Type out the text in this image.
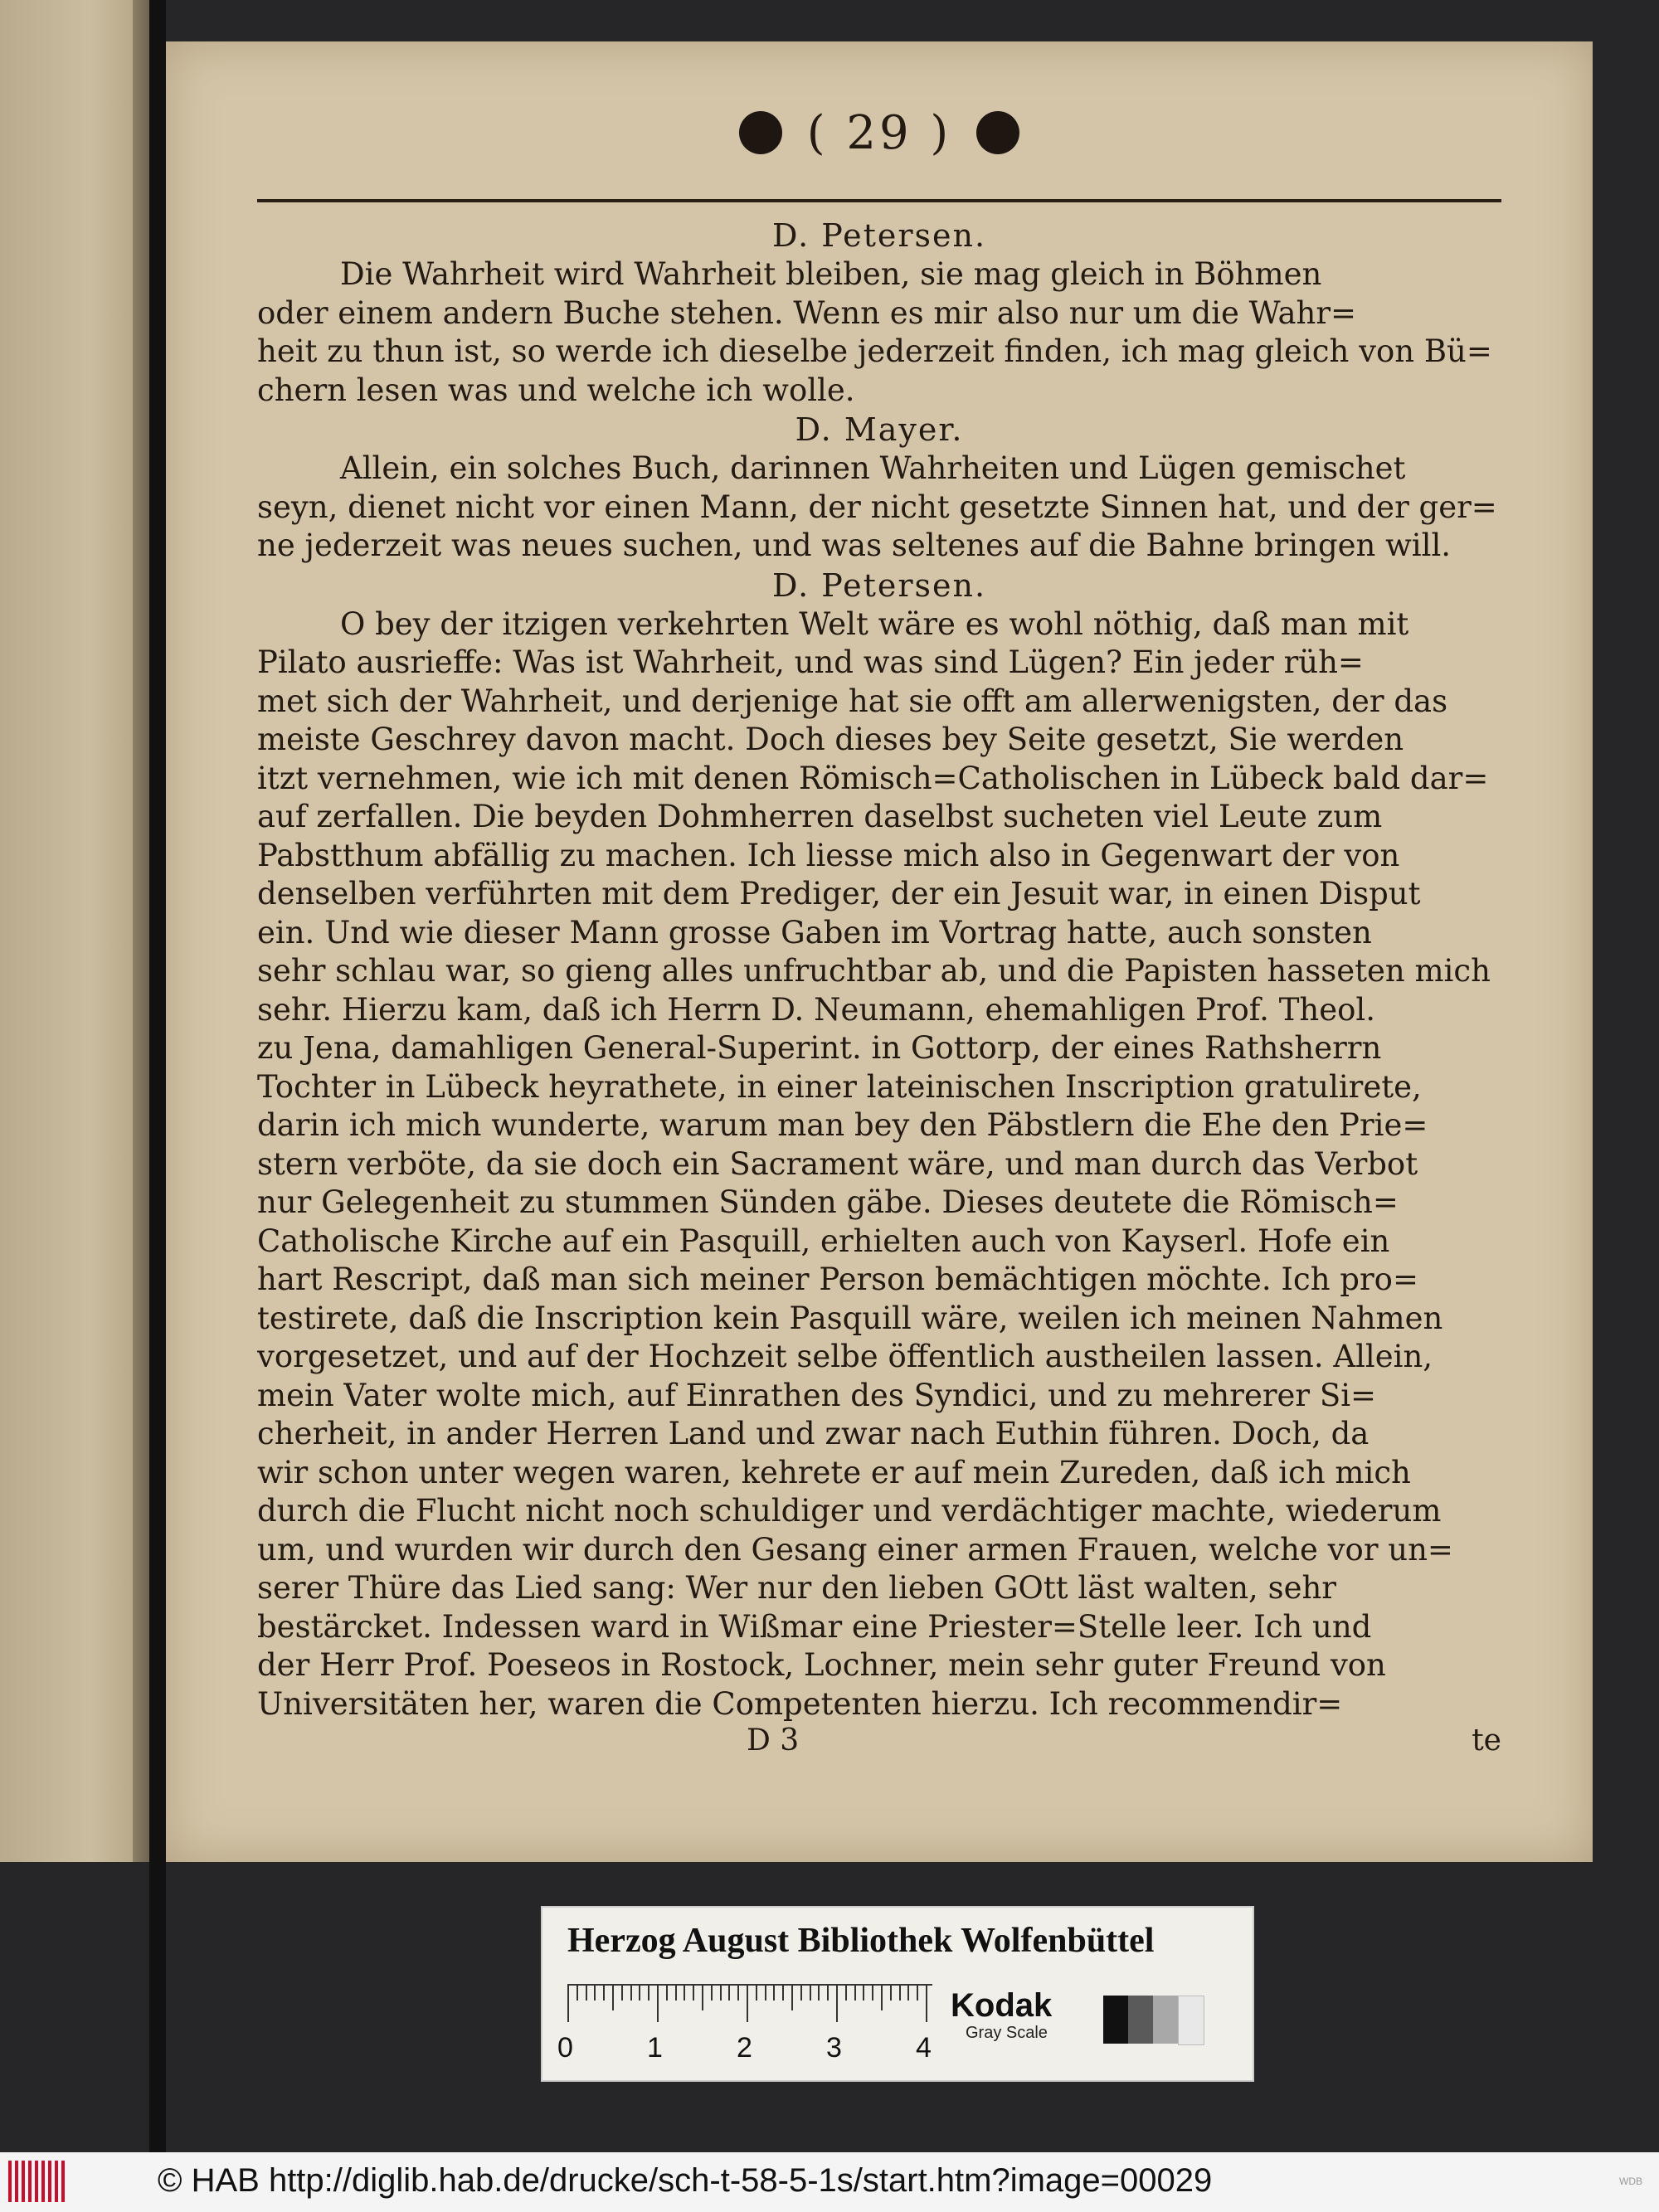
( 29 )
D. Petersen.
Die Wahrheit wird Wahrheit bleiben, sie mag gleich in Böhmen
oder einem andern Buche stehen. Wenn es mir also nur um die Wahr=
heit zu thun ist, so werde ich dieselbe jederzeit finden, ich mag gleich von Bü=
chern lesen was und welche ich wolle.
D. Mayer.
Allein, ein solches Buch, darinnen Wahrheiten und Lügen gemischet
seyn, dienet nicht vor einen Mann, der nicht gesetzte Sinnen hat, und der ger=
ne jederzeit was neues suchen, und was seltenes auf die Bahne bringen will.
D. Petersen.
O bey der itzigen verkehrten Welt wäre es wohl nöthig, daß man mit
Pilato ausrieffe: Was ist Wahrheit, und was sind Lügen? Ein jeder rüh=
met sich der Wahrheit, und derjenige hat sie offt am allerwenigsten, der das
meiste Geschrey davon macht. Doch dieses bey Seite gesetzt, Sie werden
itzt vernehmen, wie ich mit denen Römisch=Catholischen in Lübeck bald dar=
auf zerfallen. Die beyden Dohmherren daselbst sucheten viel Leute zum
Pabstthum abfällig zu machen. Ich liesse mich also in Gegenwart der von
denselben verführten mit dem Prediger, der ein Jesuit war, in einen Disput
ein. Und wie dieser Mann grosse Gaben im Vortrag hatte, auch sonsten
sehr schlau war, so gieng alles unfruchtbar ab, und die Papisten hasseten mich
sehr. Hierzu kam, daß ich Herrn D. Neumann, ehemahligen Prof. Theol.
zu Jena, damahligen General-Superint. in Gottorp, der eines Rathsherrn
Tochter in Lübeck heyrathete, in einer lateinischen Inscription gratulirete,
darin ich mich wunderte, warum man bey den Päbstlern die Ehe den Prie=
stern verböte, da sie doch ein Sacrament wäre, und man durch das Verbot
nur Gelegenheit zu stummen Sünden gäbe. Dieses deutete die Römisch=
Catholische Kirche auf ein Pasquill, erhielten auch von Kayserl. Hofe ein
hart Rescript, daß man sich meiner Person bemächtigen möchte. Ich pro=
testirete, daß die Inscription kein Pasquill wäre, weilen ich meinen Nahmen
vorgesetzet, und auf der Hochzeit selbe öffentlich austheilen lassen. Allein,
mein Vater wolte mich, auf Einrathen des Syndici, und zu mehrerer Si=
cherheit, in ander Herren Land und zwar nach Euthin führen. Doch, da
wir schon unter wegen waren, kehrete er auf mein Zureden, daß ich mich
durch die Flucht nicht noch schuldiger und verdächtiger machte, wiederum
um, und wurden wir durch den Gesang einer armen Frauen, welche vor un=
serer Thüre das Lied sang: Wer nur den lieben GOtt läst walten, sehr
bestärcket. Indessen ward in Wißmar eine Priester=Stelle leer. Ich und
der Herr Prof. Poeseos in Rostock, Lochner, mein sehr guter Freund von
Universitäten her, waren die Competenten hierzu. Ich recommendir=
D 3	te
Herzog August Bibliothek Wolfenbüttel
0	1	2	3	4
Kodak
Gray Scale
© HAB http://diglib.hab.de/drucke/sch-t-58-5-1s/start.htm?image=00029	WDB
